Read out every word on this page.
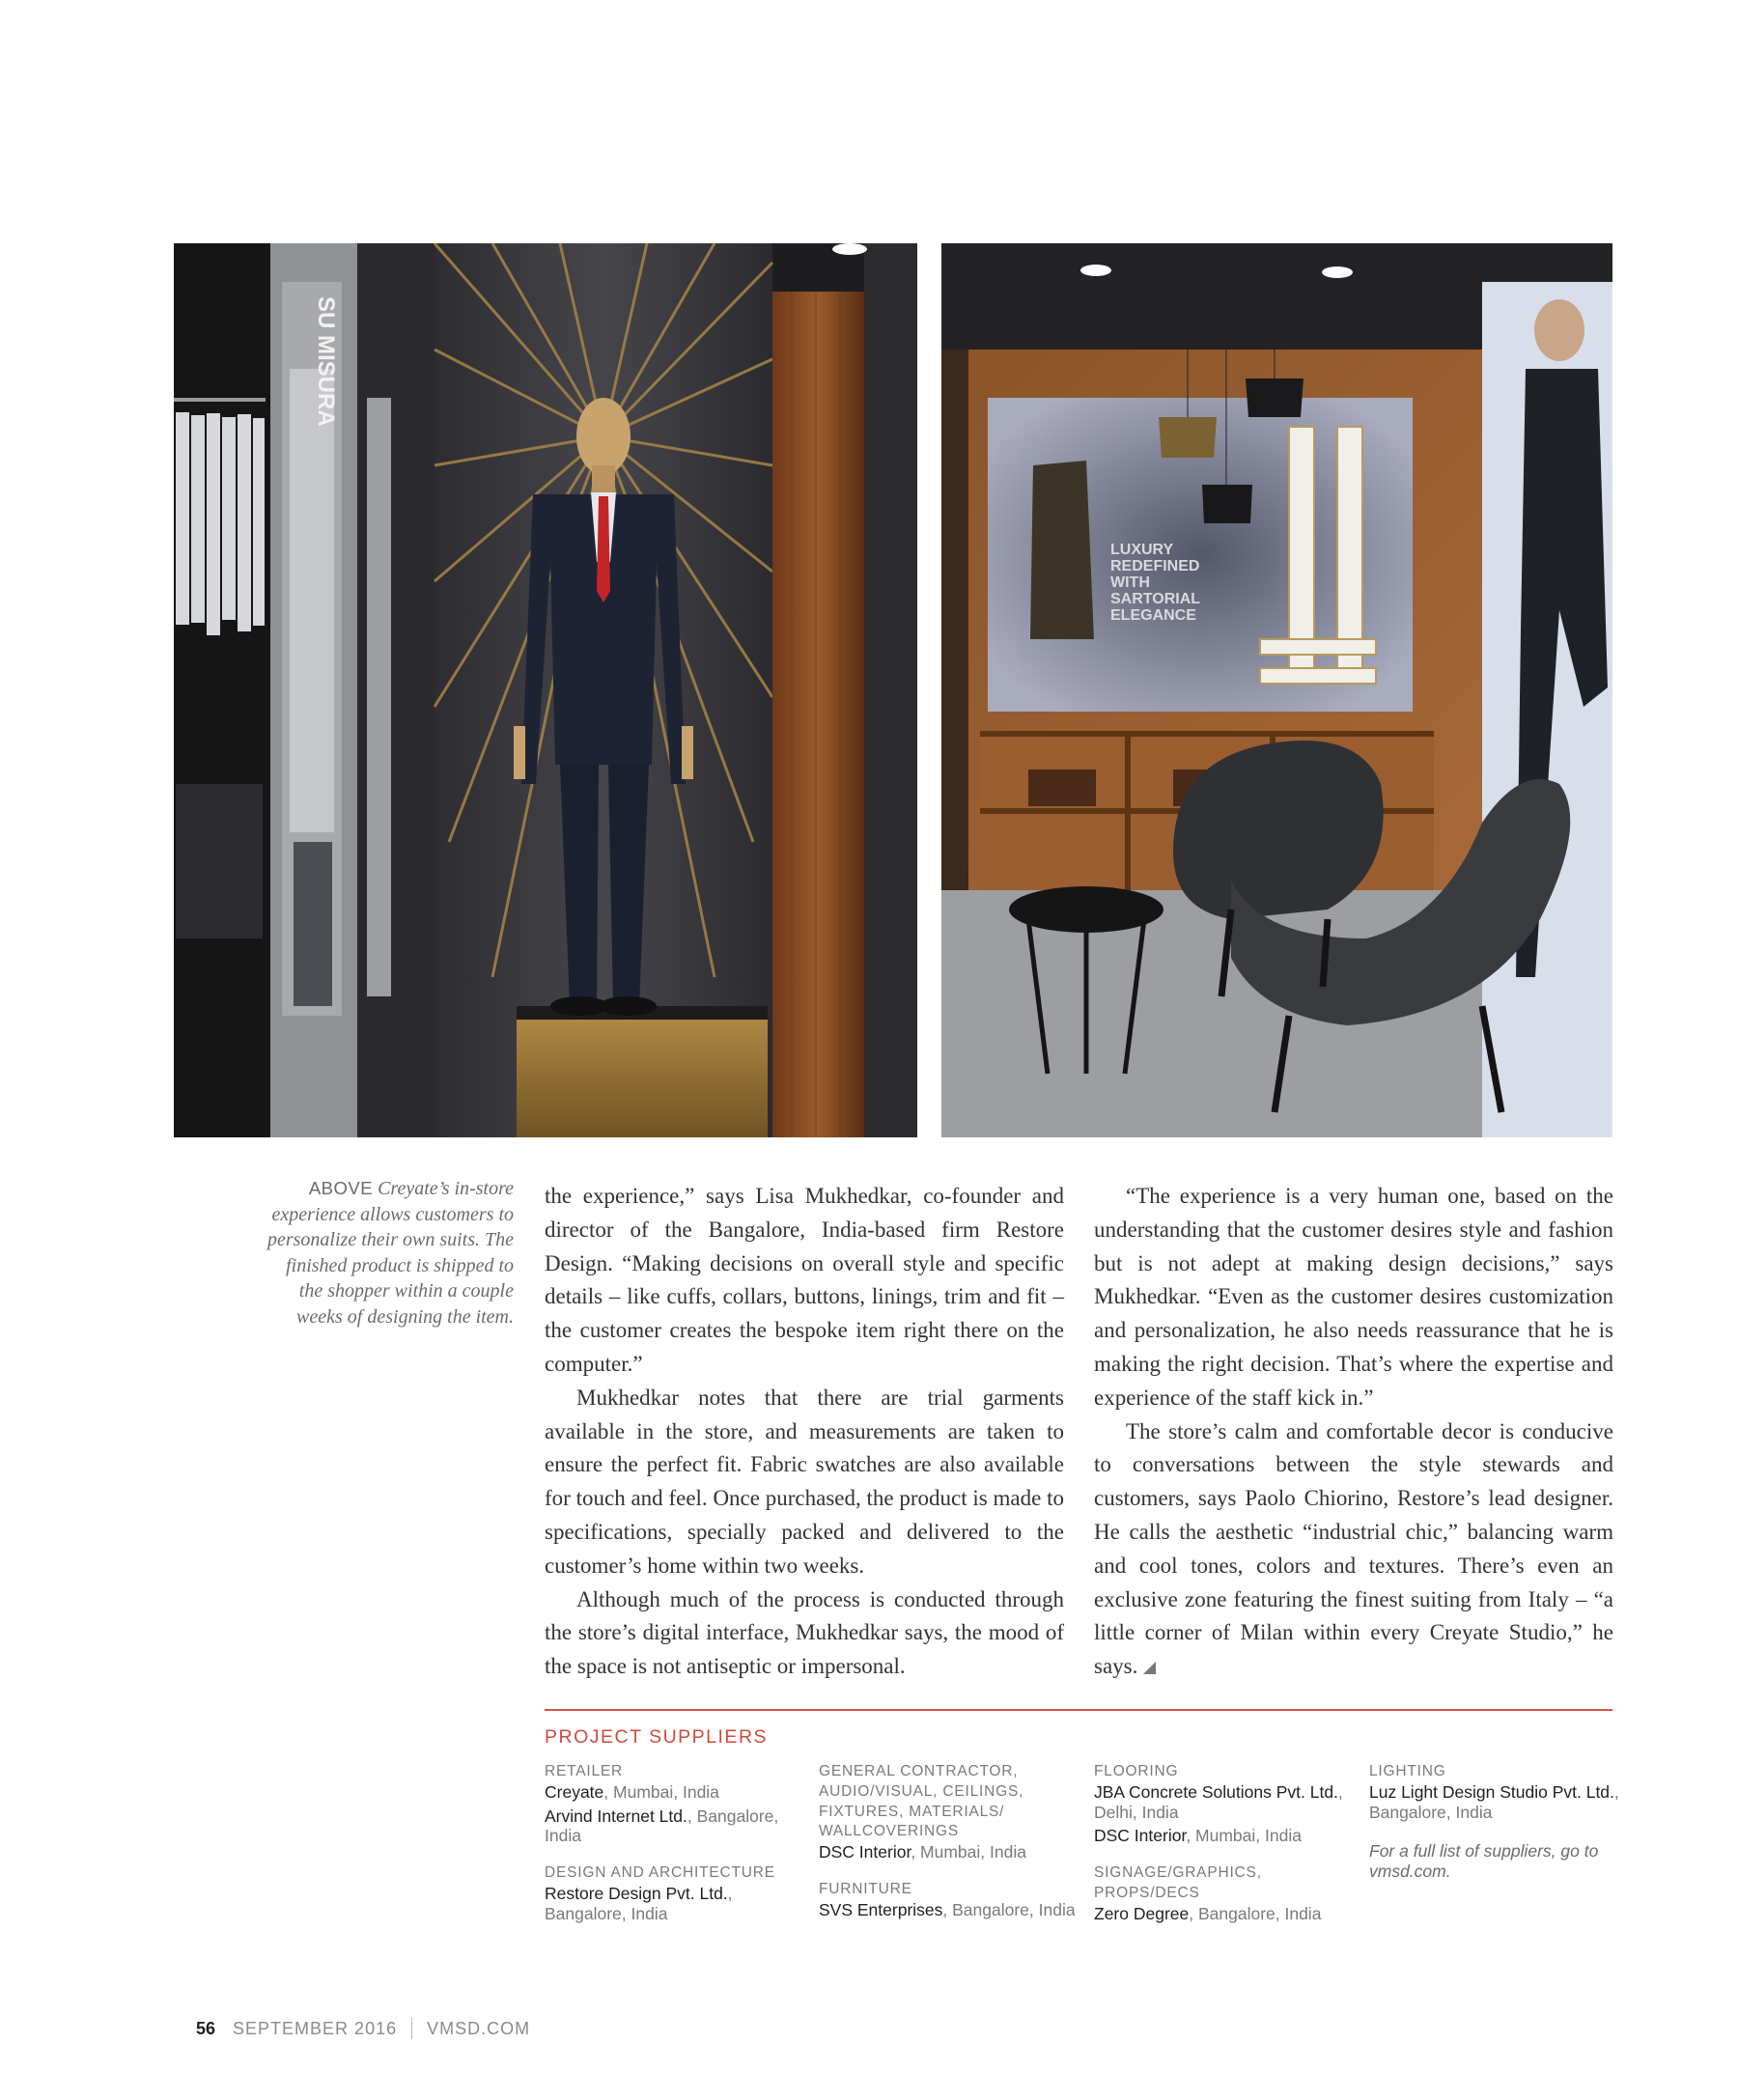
SU MISURA
LUXURY
REDEFINED
WITH
SARTORIAL
ELEGANCE
ABOVE Creyate’s in-store experience allows customers to personalize their own suits. The finished product is shipped to the shopper within a couple weeks of designing the item.

the experience,” says Lisa Mukhedkar, co-founder and director of the Bangalore, India-based firm Restore Design. “Making decisions on overall style and specific details – like cuffs, collars, buttons, linings, trim and fit – the customer creates the bespoke item right there on the computer.”

Mukhedkar notes that there are trial garments available in the store, and measurements are taken to ensure the perfect fit. Fabric swatches are also available for touch and feel. Once purchased, the product is made to specifications, specially packed and delivered to the customer’s home within two weeks.

Although much of the process is conducted through the store’s digital interface, Mukhedkar says, the mood of the space is not antiseptic or impersonal.

“The experience is a very human one, based on the understanding that the customer desires style and fashion but is not adept at making design decisions,” says Mukhedkar. “Even as the customer desires customization and personalization, he also needs reassurance that he is making the right decision. That’s where the expertise and experience of the staff kick in.”

The store’s calm and comfortable decor is conducive to conversations between the style stewards and customers, says Paolo Chiorino, Restore’s lead designer. He calls the aesthetic “industrial chic,” balancing warm and cool tones, colors and textures. There’s even an exclusive zone featuring the finest suiting from Italy – “a little corner of Milan within every Creyate Studio,” he says.

PROJECT SUPPLIERS
RETAILER
Creyate, Mumbai, India
Arvind Internet Ltd., Bangalore, India
DESIGN AND ARCHITECTURE
Restore Design Pvt. Ltd., Bangalore, India
GENERAL CONTRACTOR, AUDIO/VISUAL, CEILINGS, FIXTURES, MATERIALS/ WALLCOVERINGS
DSC Interior, Mumbai, India
FURNITURE
SVS Enterprises, Bangalore, India
FLOORING
JBA Concrete Solutions Pvt. Ltd., Delhi, India
DSC Interior, Mumbai, India
SIGNAGE/GRAPHICS, PROPS/DECS
Zero Degree, Bangalore, India
LIGHTING
Luz Light Design Studio Pvt. Ltd., Bangalore, India
For a full list of suppliers, go to vmsd.com.
56 SEPTEMBER 2016 VMSD.COM
